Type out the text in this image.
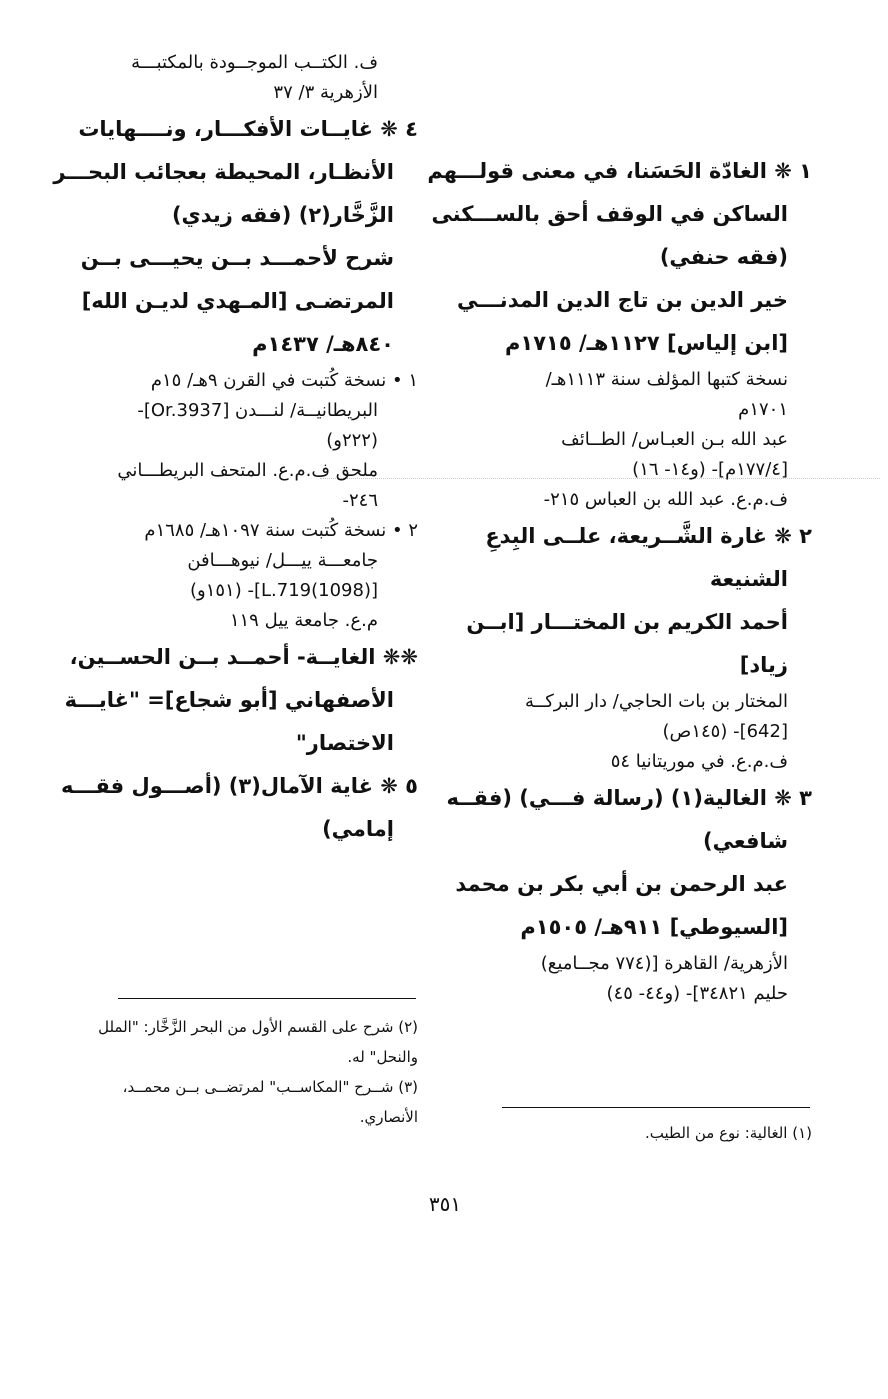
١ ❋ الغادّة الحَسَنا، في معنى قولـــهم

الساكن في الوقف أحق بالســـكنى

(فقه حنفي)

خير الدين بن تاج الدين المدنـــي

[ابن إلياس] ١١٢٧هـ/ ١٧١٥م

نسخة كتبها المؤلف سنة ١١١٣هـ/

١٧٠١م

عبد الله بـن العبـاس/ الطــائف

[١٧٧/٤م]- (و١٤- ١٦)

ف.م.ع. عبد الله بن العباس ٢١٥-

٢ ❋ غارة الشَّــريعة، علــى البِدعِ

الشنيعة

أحمد الكريم بن المختـــار [ابــن

زياد]

المختار بن بات الحاجي/ دار البركــة

[642]- (١٤٥ص)

ف.م.ع. في موريتانيا ٥٤

٣ ❋ الغالية(١) (رسالة فـــي) (فقــه

شافعي)

عبد الرحمن بن أبي بكر بن محمد

[السيوطي] ٩١١هـ/ ١٥٠٥م

الأزهرية/ القاهرة [(٧٧٤ مجــاميع)

حليم ٣٤٨٢١]- (و٤٤- ٤٥)

ف. الكتــب الموجــودة بالمكتبـــة

الأزهرية ٣/ ٣٧

٤ ❋ غايــات الأفكـــار، ونــــهايات

الأنظـار، المحيطة بعجائب البحـــر

الزَّخَّار(٢) (فقه زيدي)

شرح لأحمـــد بــن يحيـــى بــن

المرتضـى [المـهدي لديـن الله]

٨٤٠هـ/ ١٤٣٧م

١ • نسخة كُتبت في القرن ٩هـ/ ١٥م

البريطانيــة/ لنـــدن [Or.3937]-

(٢٢٢و)

ملحق ف.م.ع. المتحف البريطـــاني

٢٤٦-

٢ • نسخة كُتبت سنة ١٠٩٧هـ/ ١٦٨٥م

جامعـــة ييـــل/ نيوهـــافن

[(1098)L.719]- (١٥١و)

م.ع. جامعة ييل ١١٩

❋❋ الغايــة- أحمــد بــن الحســين،

الأصفهاني [أبو شجاع]= "غايـــة

الاختصار"

٥ ❋ غاية الآمال(٣) (أصـــول فقـــه

إمامي)

(٢) شرح على القسم الأول من البحر الزَّخَّار: "الملل

والنحل" له.

(٣) شــرح "المكاســب" لمرتضــى بــن محمــد،

الأنصاري.

(١) الغالية: نوع من الطيب.

٣٥١
